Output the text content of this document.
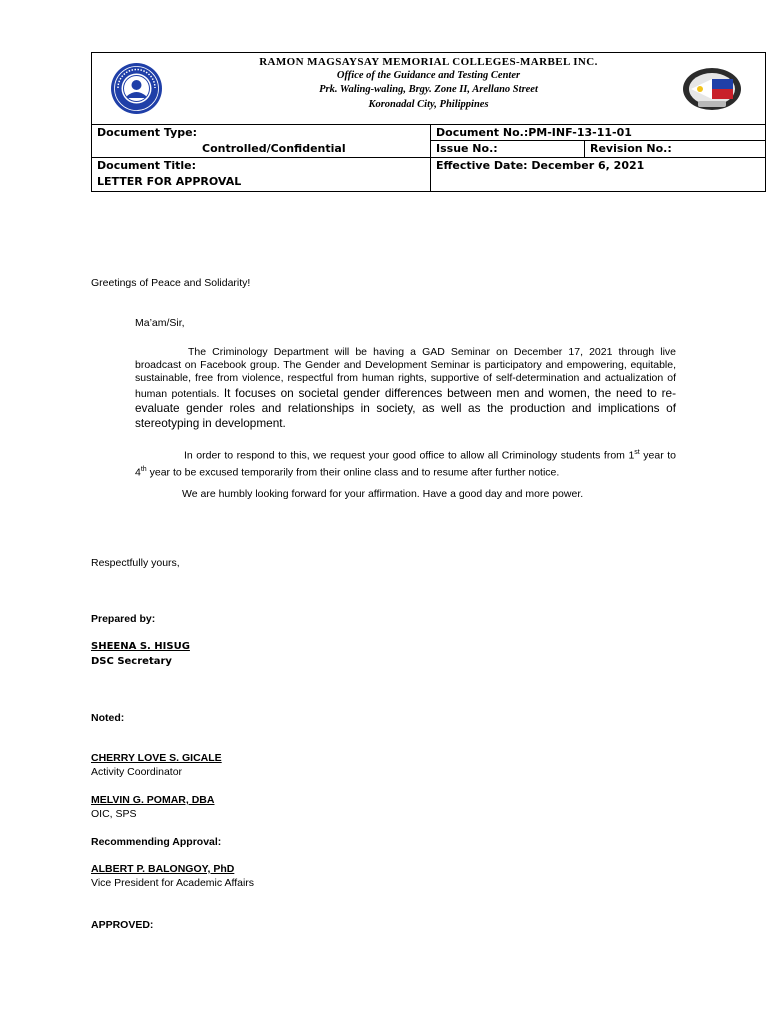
RAMON MAGSAYSAY MEMORIAL COLLEGES-MARBEL INC.
Office of the Guidance and Testing Center
Prk. Waling-waling, Brgy. Zone II, Arellano Street
Koronadal City, Philippines
Document Type:
Controlled/Confidential
Document No.:PM-INF-13-11-01
Issue No.:	Revision No.:
Document Title:
LETTER FOR APPROVAL
Effective Date: December 6, 2021
Greetings of Peace and Solidarity!
Ma’am/Sir,
The Criminology Department will be having a GAD Seminar on December 17, 2021 through live broadcast on Facebook group. The Gender and Development Seminar is participatory and empowering, equitable, sustainable, free from violence, respectful from human rights, supportive of self-determination and actualization of human potentials. It focuses on societal gender differences between men and women, the need to re-evaluate gender roles and relationships in society, as well as the production and implications of stereotyping in development.
In order to respond to this, we request your good office to allow all Criminology students from 1st year to 4th year to be excused temporarily from their online class and to resume after further notice.
We are humbly looking forward for your affirmation. Have a good day and more power.
Respectfully yours,
Prepared by:
SHEENA S. HISUG
DSC Secretary
Noted:
CHERRY LOVE S. GICALE
Activity Coordinator
MELVIN G. POMAR, DBA
OIC, SPS
Recommending Approval:
ALBERT P. BALONGOY, PhD
Vice President for Academic Affairs
APPROVED:
